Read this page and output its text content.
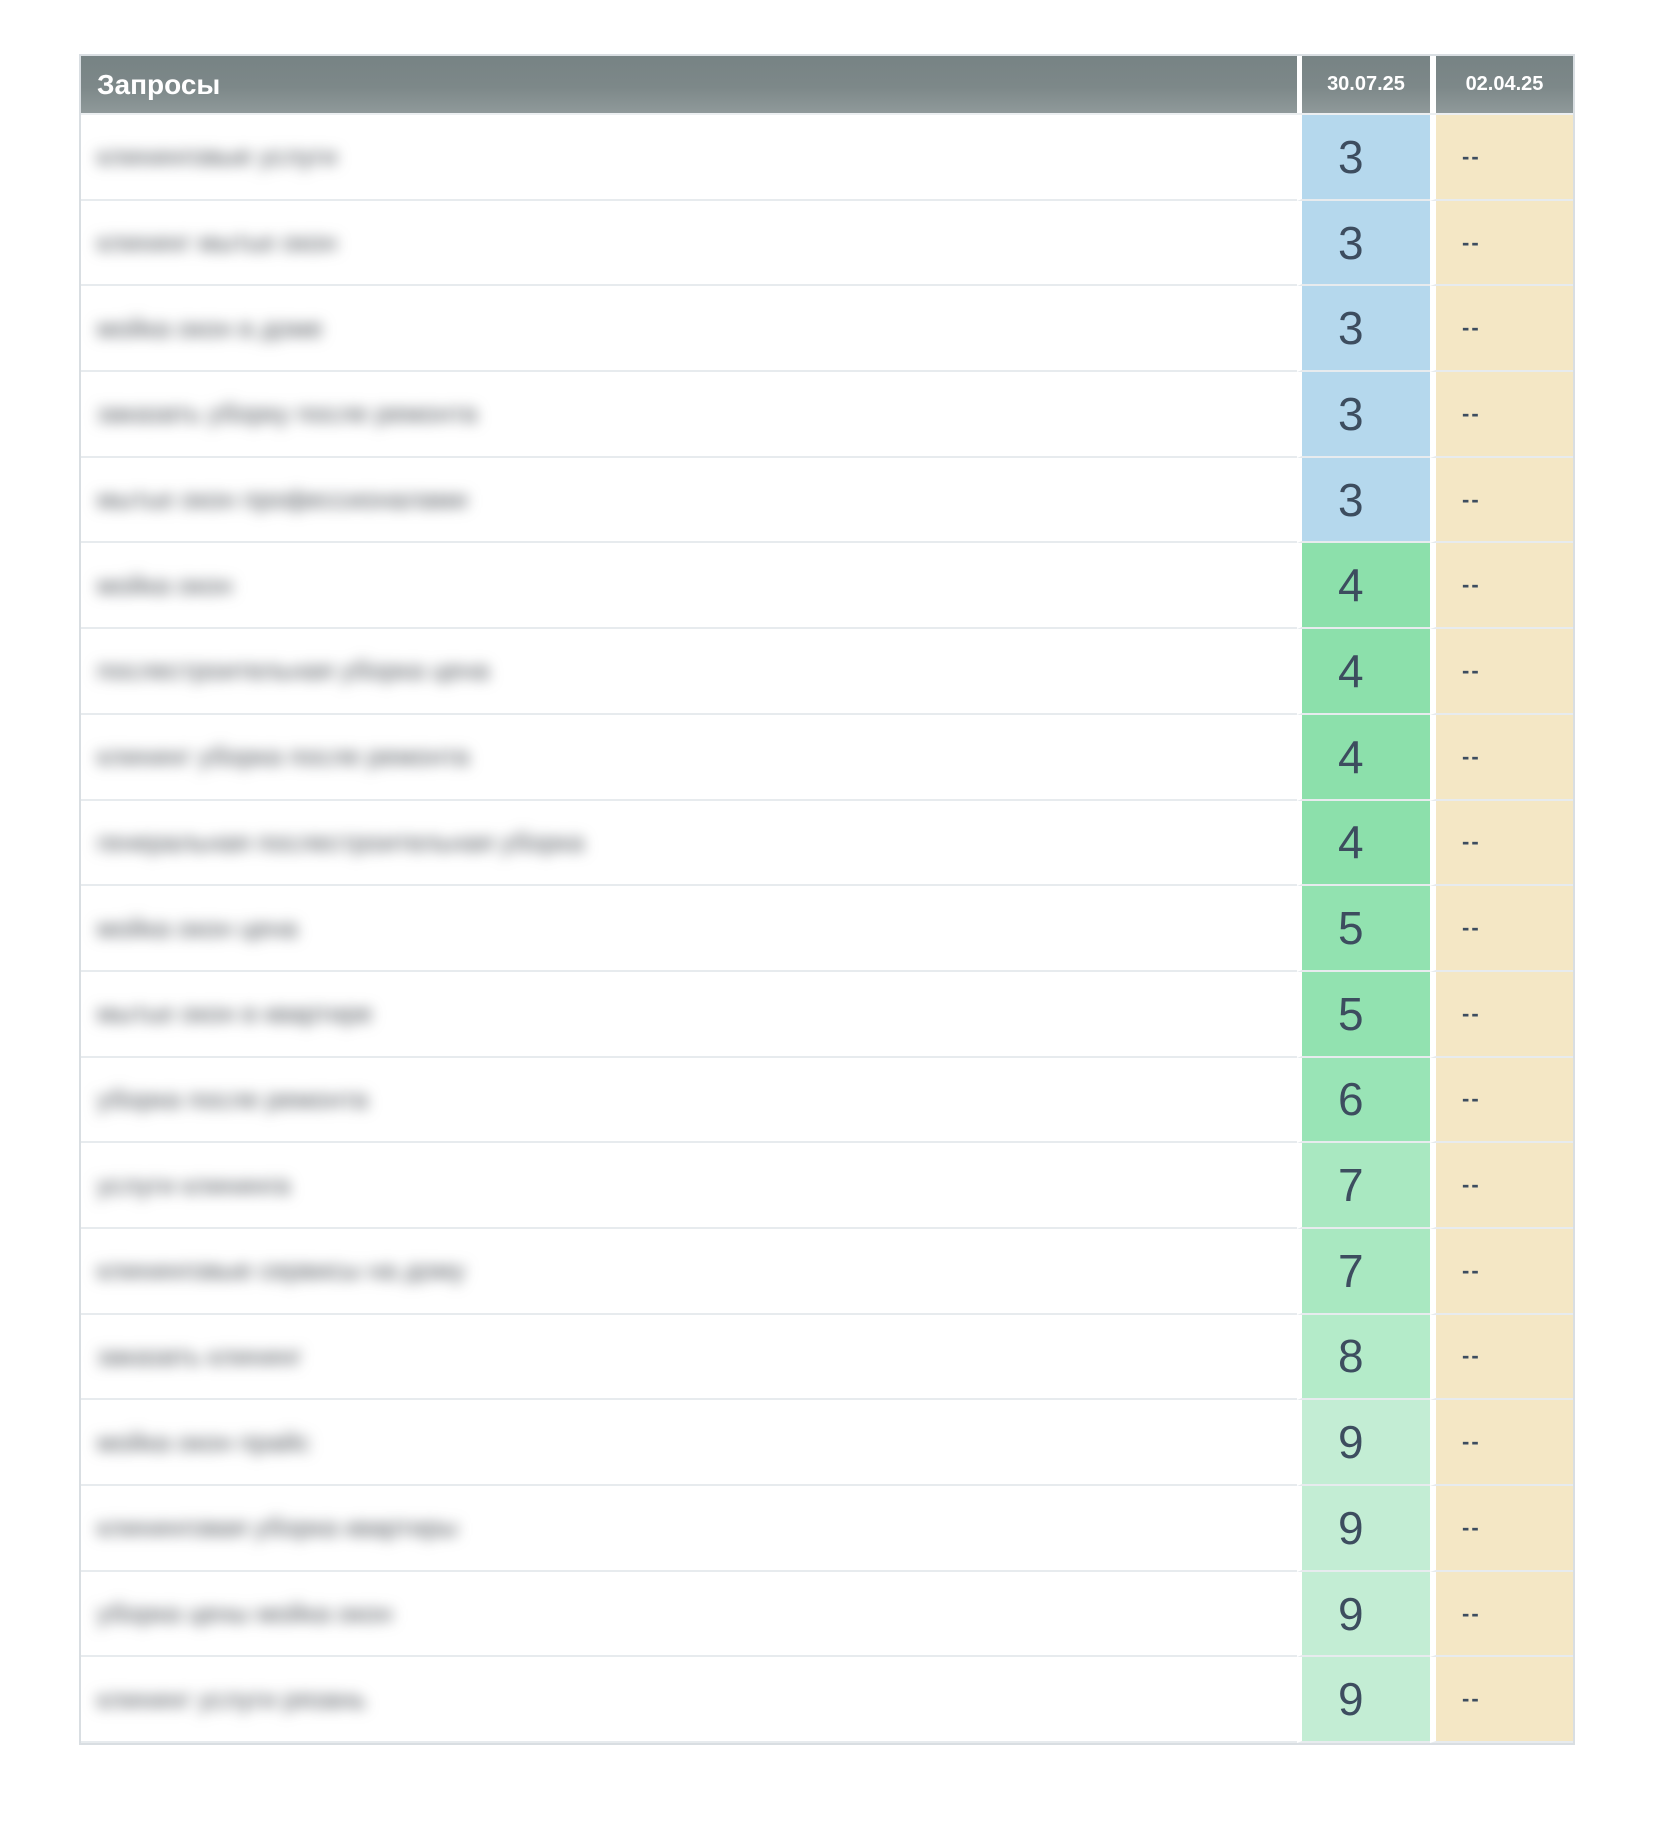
Запросы	30.07.25	02.04.25
клининговые услуги	3	--
клининг мытье окон	3	--
мойка окон в доме	3	--
заказать уборку после ремонта	3	--
мытье окон профессионалами	3	--
мойка окон	4	--
послестроительная уборка цена	4	--
клининг уборка после ремонта	4	--
генеральная послестроительная уборка	4	--
мойка окон цена	5	--
мытье окон в квартире	5	--
уборка после ремонта	6	--
услуги клининга	7	--
клининговые сервисы на дому	7	--
заказать клининг	8	--
мойка окон прайс	9	--
клининговая уборка квартиры	9	--
уборка цены мойка окон	9	--
клининг услуги рязань	9	--
